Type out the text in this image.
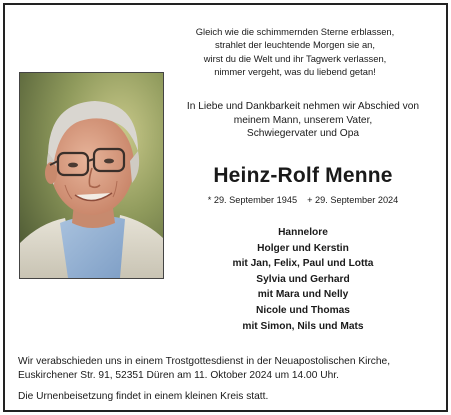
Gleich wie die schimmernden Sterne erblassen,
strahlet der leuchtende Morgen sie an,
wirst du die Welt und ihr Tagwerk verlassen,
nimmer vergeht, was du liebend getan!
In Liebe und Dankbarkeit nehmen wir Abschied von
meinem Mann, unserem Vater,
Schwiegervater und Opa
Heinz-Rolf Menne
* 29. September 1945 + 29. September 2024
Hannelore
Holger und Kerstin
mit Jan, Felix, Paul und Lotta
Sylvia und Gerhard
mit Mara und Nelly
Nicole und Thomas
mit Simon, Nils und Mats
Wir verabschieden uns in einem Trostgottesdienst in der Neuapostolischen Kirche,
Euskirchener Str. 91, 52351 Düren am 11. Oktober 2024 um 14.00 Uhr.
Die Urnenbeisetzung findet in einem kleinen Kreis statt.
